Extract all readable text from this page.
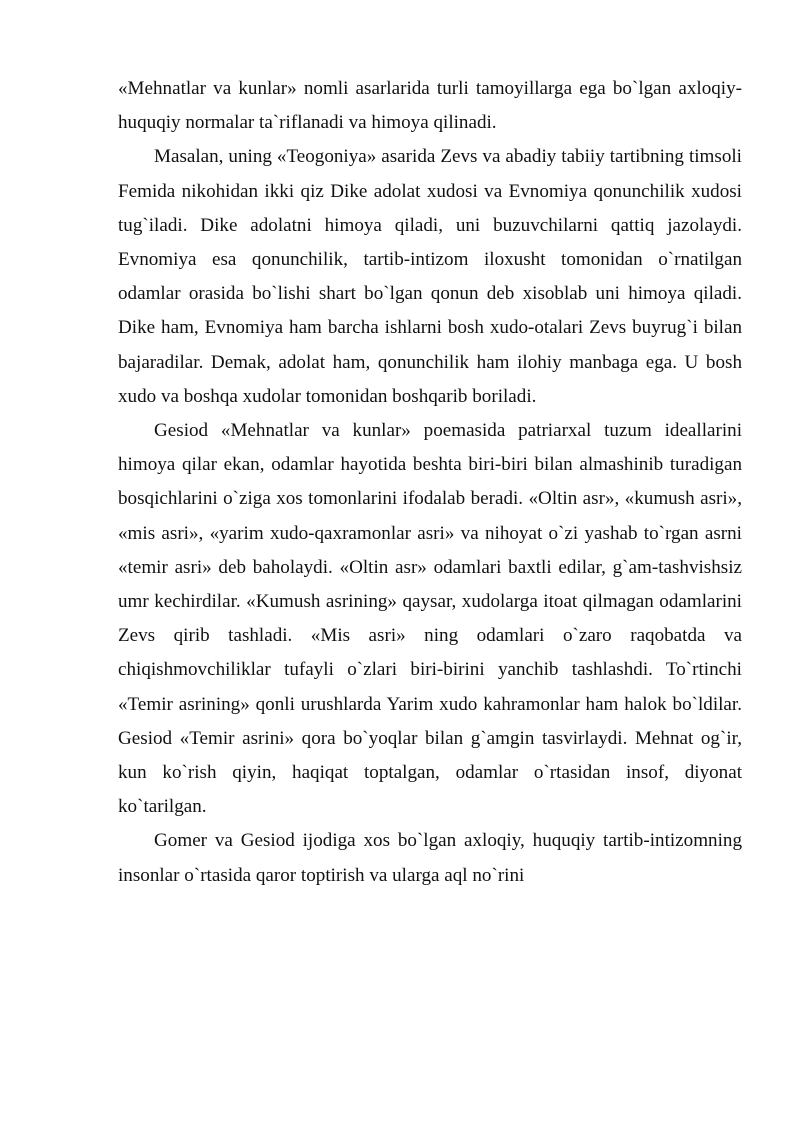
«Mehnatlar va kunlar» nomli asarlarida turli tamoyillarga ega bo`lgan axloqiy-huquqiy normalar ta`riflanadi va himoya qilinadi.

Masalan, uning «Teogoniya» asarida Zevs va abadiy tabiiy tartibning timsoli Femida nikohidan ikki qiz Dike adolat xudosi va Evnomiya qonunchilik xudosi tug`iladi. Dike adolatni himoya qiladi, uni buzuvchilarni qattiq jazolaydi. Evnomiya esa qonunchilik, tartib-intizom iloxusht tomonidan o`rnatilgan odamlar orasida bo`lishi shart bo`lgan qonun deb xisoblab uni himoya qiladi. Dike ham, Evnomiya ham barcha ishlarni bosh xudo-otalari Zevs buyrug`i bilan bajaradilar. Demak, adolat ham, qonunchilik ham ilohiy manbaga ega. U bosh xudo va boshqa xudolar tomonidan boshqarib boriladi.

Gesiod «Mehnatlar va kunlar» poemasida patriarxal tuzum ideallarini himoya qilar ekan, odamlar hayotida beshta biri-biri bilan almashinib turadigan bosqichlarini o`ziga xos tomonlarini ifodalab beradi. «Oltin asr», «kumush asri», «mis asri», «yarim xudo-qaxramonlar asri» va nihoyat o`zi yashab to`rgan asrni «temir asri» deb baholaydi. «Oltin asr» odamlari baxtli edilar, g`am-tashvishsiz umr kechirdilar. «Kumush asrining» qaysar, xudolarga itoat qilmagan odamlarini Zevs qirib tashladi. «Mis asri» ning odamlari o`zaro raqobatda va chiqishmovchiliklar tufayli o`zlari biri-birini yanchib tashlashdi. To`rtinchi «Temir asrining» qonli urushlarda Yarim xudo kahramonlar ham halok bo`ldilar. Gesiod «Temir asrini» qora bo`yoqlar bilan g`amgin tasvirlaydi. Mehnat og`ir, kun ko`rish qiyin, haqiqat toptalgan, odamlar o`rtasidan insof, diyonat ko`tarilgan.

Gomer va Gesiod ijodiga xos bo`lgan axloqiy, huquqiy tartib-intizomning insonlar o`rtasida qaror toptirish va ularga aql no`rini
